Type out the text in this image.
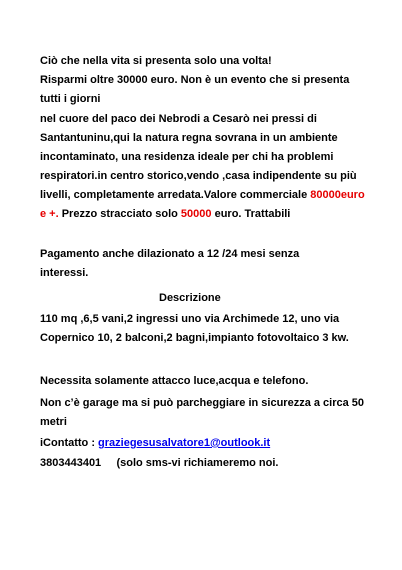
Ciò che nella vita si presenta solo una volta!

Risparmi oltre 30000 euro. Non è un evento che si presenta tutti i giorni

nel cuore del paco dei Nebrodi a Cesarò nei pressi di Santantuninu,qui la natura regna sovrana in un ambiente incontaminato, una residenza ideale per chi ha problemi respiratori.in centro storico,vendo ,casa indipendente su più livelli, completamente arredata.Valore commerciale 80000euro e +. Prezzo stracciato solo 50000 euro. Trattabili

Pagamento anche dilazionato a 12 /24 mesi senza interessi.

Descrizione

110 mq ,6,5 vani,2 ingressi uno via Archimede 12, uno via Copernico 10, 2 balconi,2 bagni,impianto fotovoltaico 3 kw.

Necessita solamente attacco luce,acqua e telefono.

Non c’è garage ma si può parcheggiare in sicurezza a circa 50 metri

iContatto : graziegesusalvatore1@outlook.it

3803443401     (solo sms-vi richiameremo noi.
